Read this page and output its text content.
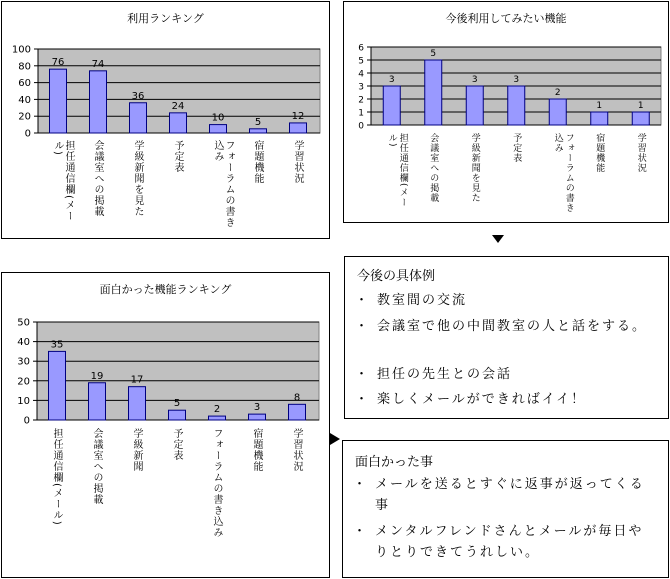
利用ランキング
0
20
40
60
80
100
76	74
36
24
10	5
12
担任通信欄(メール)	会議室への掲載	学級新聞を見た	予定表	フォーラムの書き込み	宿題機能	学習状況
今後利用してみたい機能
0
1
2
3
4
5
6
3
5
3	3
2
1	1
担任通信欄(メール)	会議室への掲載	学級新聞を見た	予定表	フォーラムの書き込み	宿題機能	学習状況
面白かった機能ランキング
0
10
20
30
40
50
35
19	17
5
2	3
8
担任通信欄(メール)	会議室への掲載	学級新聞	予定表	フォーラムの書き込み	宿題機能	学習状況
今後の具体例
・ 教室間の交流
・ 会議室で他の中間教室の人と話をする。
・ 担任の先生との会話
・ 楽しくメールができればイイ！
面白かった事
・ メールを送るとすぐに返事が返ってくる事
・ メンタルフレンドさんとメールが毎日やりとりできてうれしい。
